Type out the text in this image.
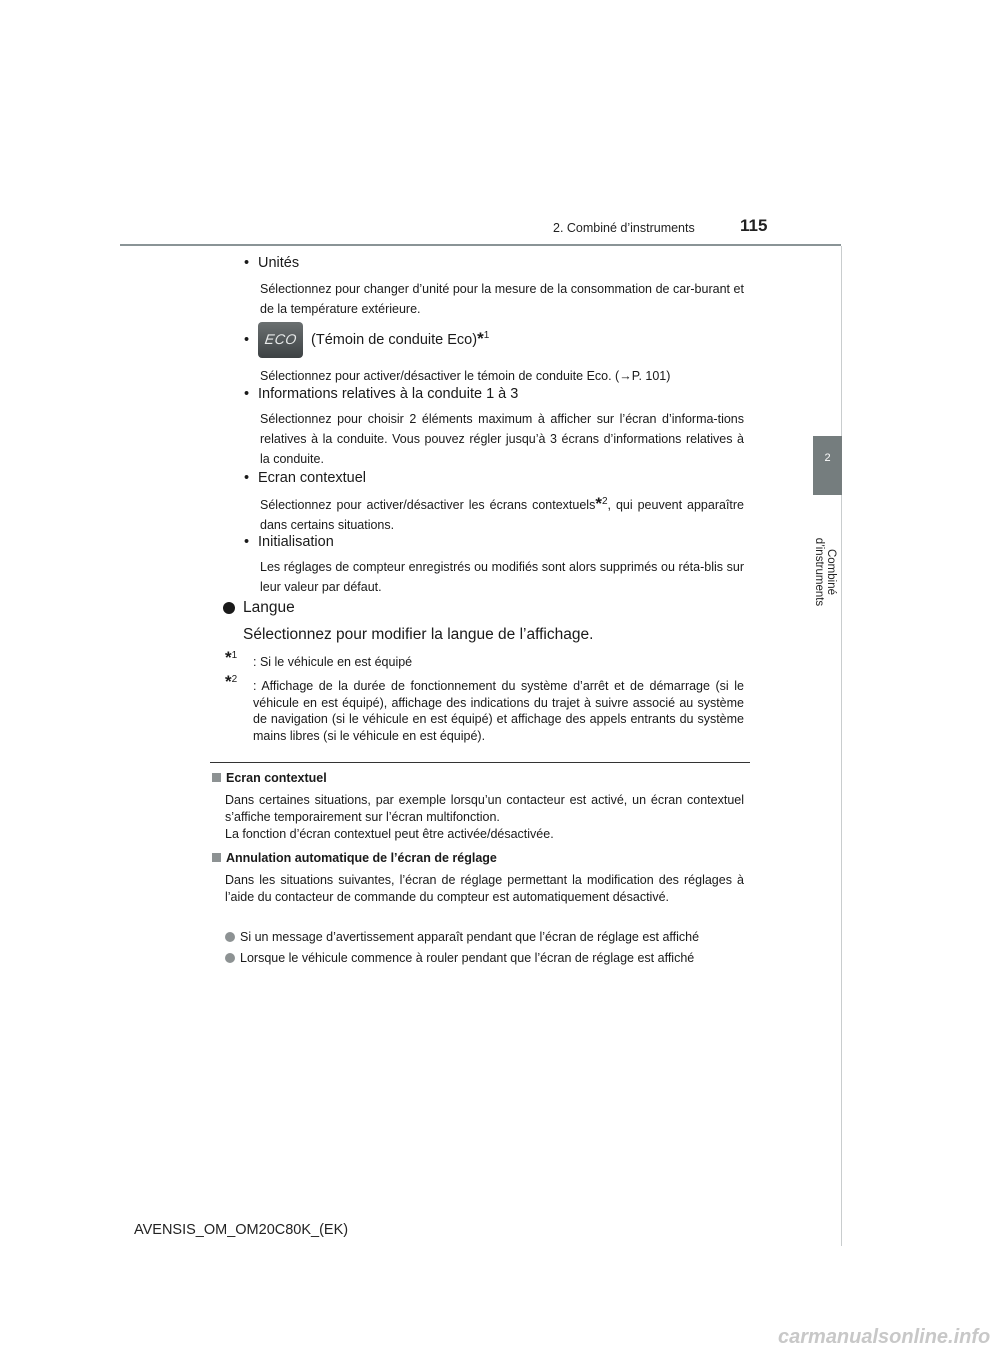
2. Combiné d’instruments	115
2
Combiné d’instruments
• Unités
Sélectionnez pour changer d’unité pour la mesure de la consommation de car-burant et de la température extérieure.
• ECO (Témoin de conduite Eco)*$^1$
Sélectionnez pour activer/désactiver le témoin de conduite Eco. (→P. 101)
• Informations relatives à la conduite 1 à 3
Sélectionnez pour choisir 2 éléments maximum à afficher sur l’écran d’informa-tions relatives à la conduite. Vous pouvez régler jusqu’à 3 écrans d’informations relatives à la conduite.
• Ecran contextuel
Sélectionnez pour activer/désactiver les écrans contextuels*$^2$, qui peuvent apparaître dans certains situations.
• Initialisation
Les réglages de compteur enregistrés ou modifiés sont alors supprimés ou réta-blis sur leur valeur par défaut.
Langue
Sélectionnez pour modifier la langue de l’affichage.
*$^1$ : Si le véhicule en est équipé
*$^2$ : Affichage de la durée de fonctionnement du système d’arrêt et de démarrage (si le véhicule en est équipé), affichage des indications du trajet à suivre associé au système de navigation (si le véhicule en est équipé) et affichage des appels entrants du système mains libres (si le véhicule en est équipé).
Ecran contextuel
Dans certaines situations, par exemple lorsqu’un contacteur est activé, un écran contextuel s’affiche temporairement sur l’écran multifonction.
La fonction d’écran contextuel peut être activée/désactivée.
Annulation automatique de l’écran de réglage
Dans les situations suivantes, l’écran de réglage permettant la modification des réglages à l’aide du contacteur de commande du compteur est automatiquement désactivé.
Si un message d’avertissement apparaît pendant que l’écran de réglage est affiché
Lorsque le véhicule commence à rouler pendant que l’écran de réglage est affiché
AVENSIS_OM_OM20C80K_(EK)
carmanualsonline.info
